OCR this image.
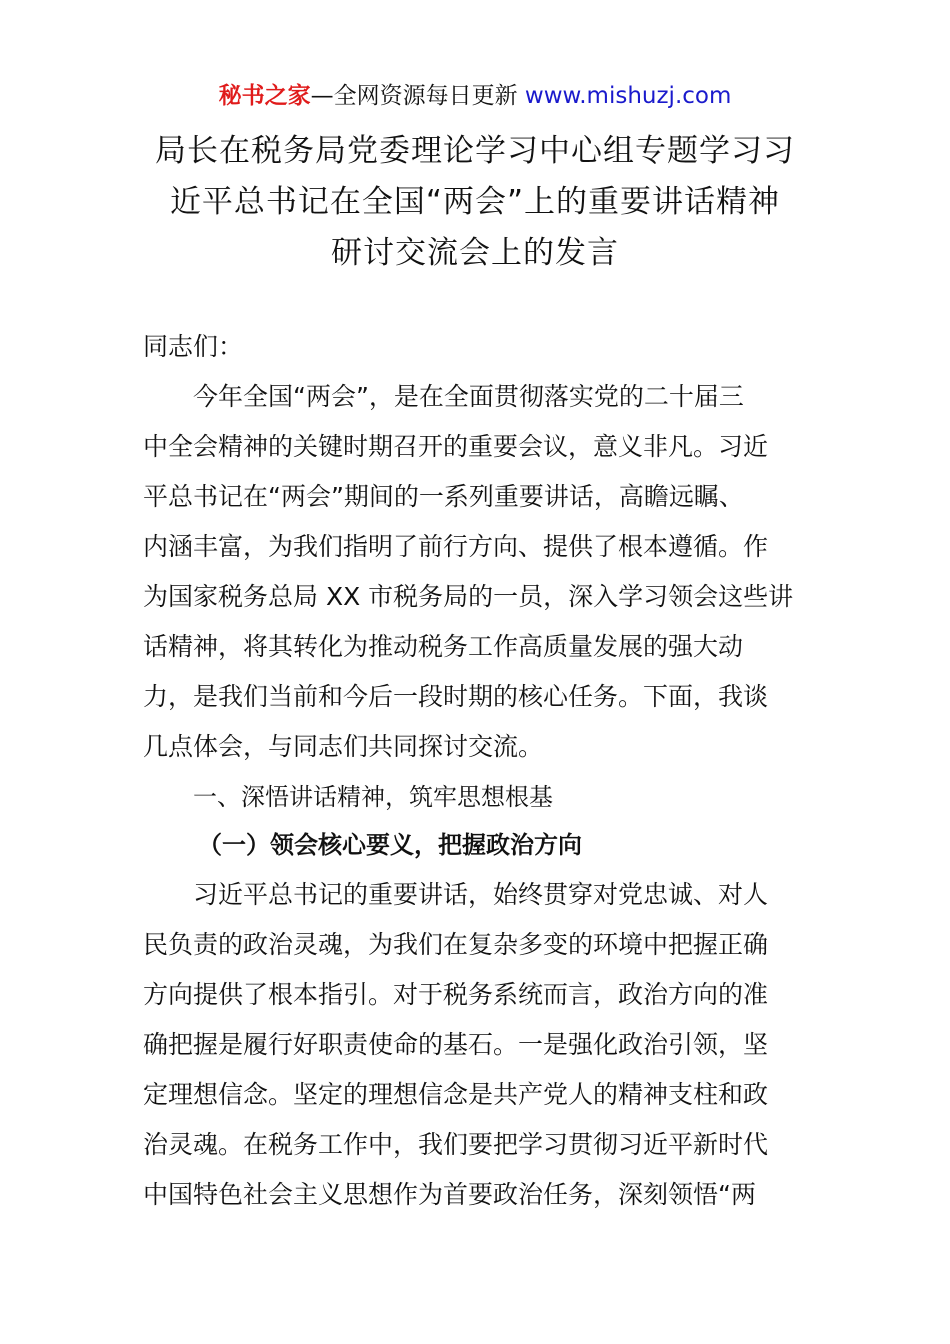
秘书之家—全网资源每日更新 www.mishuzj.com
局长在税务局党委理论学习中心组专题学习习
近平总书记在全国“两会”上的重要讲话精神
研讨交流会上的发言

同志们：

　　今年全国“两会”，是在全面贯彻落实党的二十届三
中全会精神的关键时期召开的重要会议，意义非凡。习近
平总书记在“两会”期间的一系列重要讲话，高瞻远瞩、
内涵丰富，为我们指明了前行方向、提供了根本遵循。作
为国家税务总局 XX 市税务局的一员，深入学习领会这些讲
话精神，将其转化为推动税务工作高质量发展的强大动
力，是我们当前和今后一段时期的核心任务。下面，我谈
几点体会，与同志们共同探讨交流。

一、深悟讲话精神，筑牢思想根基
（一）领会核心要义，把握政治方向

　　习近平总书记的重要讲话，始终贯穿对党忠诚、对人
民负责的政治灵魂，为我们在复杂多变的环境中把握正确
方向提供了根本指引。对于税务系统而言，政治方向的准
确把握是履行好职责使命的基石。一是强化政治引领，坚
定理想信念。坚定的理想信念是共产党人的精神支柱和政
治灵魂。在税务工作中，我们要把学习贯彻习近平新时代
中国特色社会主义思想作为首要政治任务，深刻领悟“两
